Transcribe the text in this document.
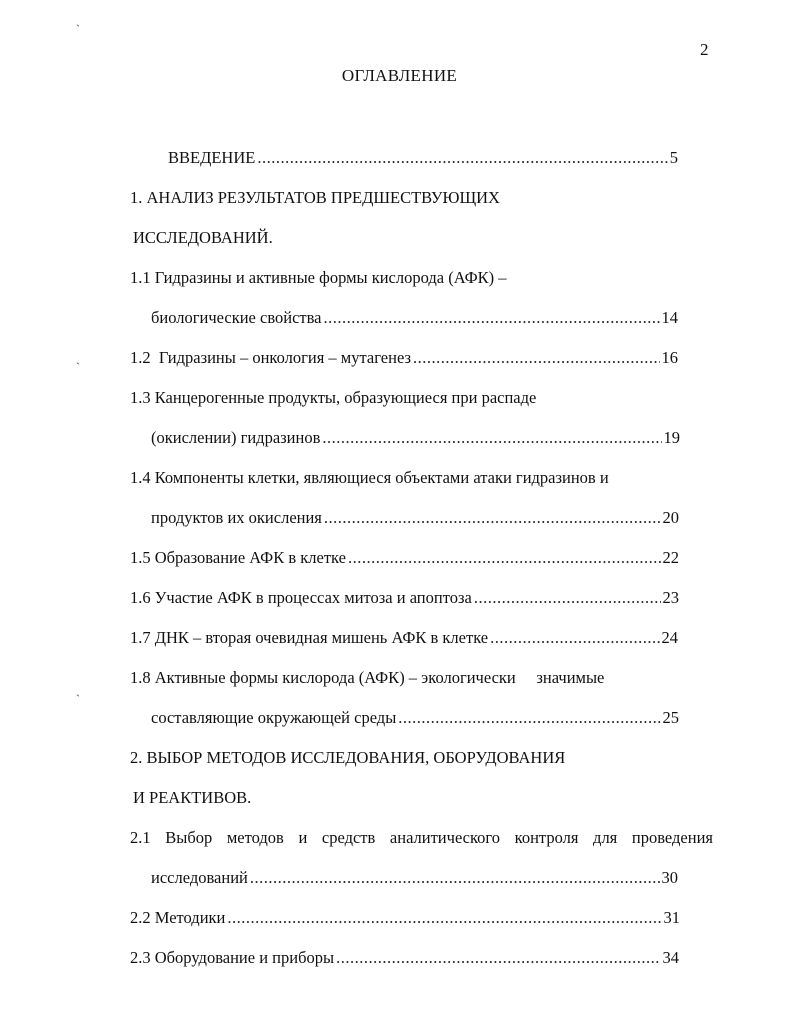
`
`
`
2
ОГЛАВЛЕНИЕ
ВВЕДЕНИЕ .....	5
1. АНАЛИЗ РЕЗУЛЬТАТОВ ПРЕДШЕСТВУЮЩИХ
ИССЛЕДОВАНИЙ.
1.1 Гидразины и активные формы кислорода (АФК) –
биологические свойства .....	14
1.2  Гидразины – онкология – мутагенез .....	16
1.3 Канцерогенные продукты, образующиеся при распаде
(окислении) гидразинов .....	19
1.4 Компоненты клетки, являющиеся объектами атаки гидразинов и
продуктов их окисления .....	20
1.5 Образование АФК в клетке .....	22
1.6 Участие АФК в процессах митоза и апоптоза .....	23
1.7 ДНК – вторая очевидная мишень АФК в клетке .....	24
1.8 Активные формы кислорода (АФК) – экологически     значимые
составляющие окружающей среды .....	25
2. ВЫБОР МЕТОДОВ ИССЛЕДОВАНИЯ, ОБОРУДОВАНИЯ
И РЕАКТИВОВ.
2.1 Выбор методов и средств аналитического контроля для проведения
исследований .....	30
2.2 Методики .....	31
2.3 Оборудование и приборы .....	34
